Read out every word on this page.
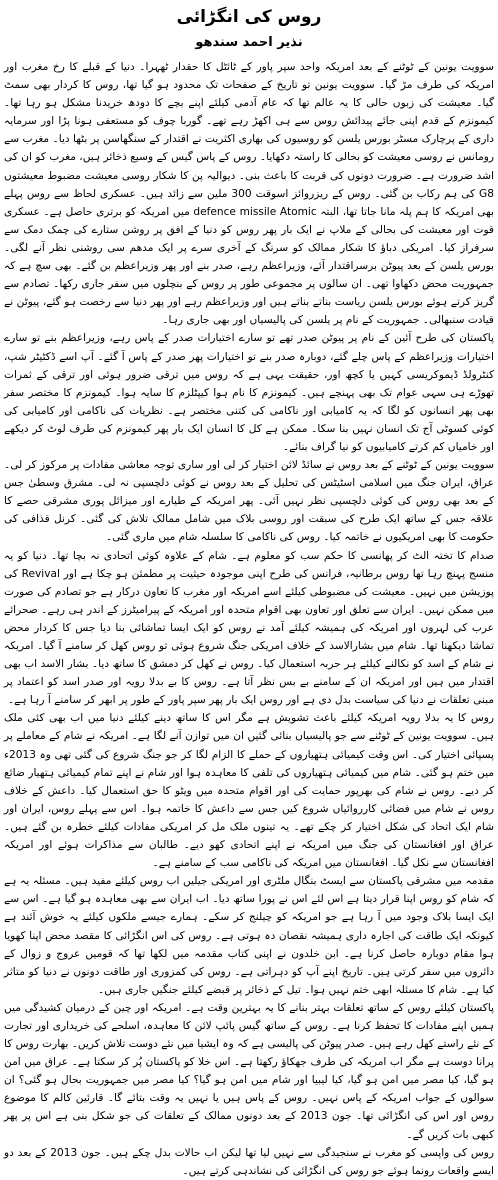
روس کی انگڑائی
نذیر احمد سندھو

سوویت یونین کے ٹوٹنے کے بعد امریکہ واحد سپر پاور کے ٹائٹل کا حقدار ٹھہرا۔ دنیا کے قبلے کا رخ مغرب اور امریکہ کی طرف مڑ گیا۔ سوویت یونین تو تاریخ کے صفحات تک محدود ہو گیا تھا، روس کا کردار بھی سمٹ گیا۔ معیشت کی زبوں حالی کا یہ عالم تھا کہ عام آدمی کیلئے اپنے بچے کا دودھ خریدنا مشکل ہو رہا تھا۔ کیمونزم کے قدم اپنی جائے پیدائش روس سے ہی اکھڑ رہے تھے۔ گوربا چوف کو مستعفی ہونا پڑا اور سرمایہ داری کے پرچارک مسٹر بورس یلسن کو روسیوں کی بھاری اکثریت نے اقتدار کے سنگھاسن پر بٹھا دیا۔ مغرب سے رومانس نے روسی معیشت کو بحالی کا راستہ دکھایا۔ روس کے پاس گیس کے وسیع ذخائر ہیں، مغرب کو ان کی اشد ضرورت ہے۔ ضرورت دونوں کی قربت کا باعث بنی۔ دیوالیہ پن کا شکار روسی معیشت مضبوط معیشتوں G8 کی ہم رکاب بن گئی۔ روس کے ریزروائز اسوقت 300 ملین سے زائد ہیں۔ عسکری لحاظ سے روس پہلے بھی امریکہ کا ہم پلہ مانا جاتا تھا، البتہ defence missile Atomic میں امریکہ کو برتری حاصل ہے۔ عسکری قوت اور معیشت کی بحالی کے ملاپ نے ایک بار پھر روس کو دنیا کے افق پر روشن ستارے کی چمک دمک سے سرفراز کیا۔ امریکی دباؤ کا شکار ممالک کو سرنگ کے آخری سرے پر ایک مدھم سی روشنی نظر آنے لگی۔ بورس یلسن کے بعد پیوٹن برسراقتدار آئے، وزیراعظم رہے، صدر بنے اور پھر وزیراعظم بن گئے۔ بھی سچ ہے کہ جمہوریت محض دکھاوا تھی۔ ان سالوں پر مجموعی طور پر روس کے بنچلوں میں سفر جاری رکھا۔ تصادم سے گریز کرتے ہوئے بورس یلسن ریاست بناتے بناتے ہیں اور وزیراعظم رہے اور پھر دنیا سے رخصت ہو گئے، پیوٹن نے قیادت سنبھالی۔ جمہوریت کے نام پر یلسن کی پالیسیاں اور بھی جاری رہا۔

پاکستان کی طرح آئین کے نام پر پیوٹن صدر تھے تو سارے اختیارات صدر کے پاس رہے، وزیراعظم بنے تو سارے اختیارات وزیراعظم کے پاس چلے گئے، دوبارہ صدر بنے تو اختیارات پھر صدر کے پاس آ گئے۔ آپ اسے ڈکٹیٹر شپ، کنٹرولڈ ڈیموکریسی کہیں یا کچھ اور، حقیقت یہی ہے کہ روس میں ترقی ضرور ہوئی اور ترقی کے ثمرات تھوڑے ہی سہی عوام تک بھی پہنچے ہیں۔ کیمونزم کا نام ہوا کیپٹلزم کا سایہ ہوا۔ کیمونزم کا مختصر سفر بھی پھر انسانوں کو لگا کہ یہ کامیابی اور ناکامی کی کتنی مختصر ہے۔ نظریات کی ناکامی اور کامیابی کی کوئی کسوٹی آج تک انسان نہیں بنا سکا۔ ممکن ہے کل کا انسان ایک بار پھر کیمونزم کی طرف لوٹ کر دیکھے اور خامیاں کم کرتے کامیابیوں کو نیا گراف بنائے۔

سوویت یونین کے ٹوٹنے کے بعد روس نے سائڈ لائن اختیار کر لی اور ساری توجہ معاشی مفادات پر مرکوز کر لی۔ عراق، ایران جنگ میں اسلامی اسٹیٹس کی تحلیل کے بعد روس نے کوئی دلچسپی نہ لی۔ مشرق وسطیٰ جس کے بعد بھی روس کی کوئی دلچسپی نظر نہیں آئی۔ پھر امریکہ کے طیارے اور میزائل پوری مشرقی حصے کا علاقہ جس کے ساتھ ایک طرح کی سبقت اور روسی بلاک میں شامل ممالک تلاش کی گئی۔ کرنل قذافی کی حکومت کا بھی امریکیوں نے خاتمہ کیا۔ روس کی ناکامی کا سلسلہ شام میں ماری گئی۔

صدام کا تختہ الٹ کر پھانسی کا حکم سب کو معلوم ہے۔ شام کے علاوہ کوئی اتحادی نہ بچا تھا۔ دنیا کو یہ منسج پہنچ رہا تھا روس برطانیہ، فرانس کی طرح اپنی موجودہ حیثیت پر مطمئن ہو چکا ہے اور Revival کی پوزیشن میں نہیں۔ معیشت کی مضبوطی کیلئے اسے امریکہ اور مغرب کا تعاون درکار ہے جو تصادم کی صورت میں ممکن نہیں۔ ایران سے تعلق اور تعاون بھی اقوام متحدہ اور امریکہ کے پیرامیٹرز کے اندر ہی رہے۔ صحرائے عرب کی لہروں اور امریکہ کی ہمیشہ کیلئے آمد نے روس کو ایک ایسا تماشائی بنا دیا جس کا کردار محض تماشا دیکھنا تھا۔ شام میں بشارالاسد کے خلاف امریکی جنگ شروع ہوئی تو روس کھل کر سامنے آ گیا۔ امریکہ نے شام کے اسد کو نکالنے کیلئے ہر حربہ استعمال کیا۔ روس نے کھل کر دمشق کا ساتھ دیا۔ بشار الاسد اب بھی اقتدار میں ہیں اور امریکہ ان کے سامنے بے بس نظر آتا ہے۔ روس کا بے بدلا رویہ اور صدر اسد کو اعتماد پر مبنی تعلقات نے دنیا کی سیاست بدل دی ہے اور روس ایک بار پھر سپر پاور کے طور پر ابھر کر سامنے آ رہا ہے۔

روس کا یہ بدلا رویہ امریکہ کیلئے باعث تشویش ہے مگر اس کا ساتھ دینے کیلئے دنیا میں اب بھی کئی ملک ہیں۔ سوویت یونین کے ٹوٹنے سے جو پالیسیاں بنائی گئیں ان میں توازن آنے لگا ہے۔ امریکہ نے شام کے معاملے پر پسپائی اختیار کی۔ اس وقت کیمیائی ہتھیاروں کے حملے کا الزام لگا کر جو جنگ شروع کی گئی تھی وہ 2013ء میں ختم ہو گئی۔ شام میں کیمیائی ہتھیاروں کی تلفی کا معاہدہ ہوا اور شام نے اپنے تمام کیمیائی ہتھیار ضائع کر دیے۔ روس نے شام کی بھرپور حمایت کی اور اقوام متحدہ میں ویٹو کا حق استعمال کیا۔ داعش کے خلاف روس نے شام میں فضائی کارروائیاں شروع کیں جس سے داعش کا خاتمہ ہوا۔ اس سے پہلے روس، ایران اور شام ایک اتحاد کی شکل اختیار کر چکے تھے۔ یہ تینوں ملک مل کر امریکی مفادات کیلئے خطرہ بن گئے ہیں۔ عراق اور افغانستان کی جنگ میں امریکہ نے اپنے اتحادی کھو دیے۔ طالبان سے مذاکرات ہوئے اور امریکہ افغانستان سے نکل گیا۔ افغانستان میں امریکہ کی ناکامی سب کے سامنے ہے۔

مقدمہ میں مشرقی پاکستان سے ایسٹ بنگال ملٹری اور امریکی جیلیں اب روس کیلئے مفید ہیں۔ مسئلہ یہ ہے کہ شام کو روس اپنا قرار دیتا ہے اس لئے اس نے پورا ساتھ دیا۔ اب ایران سے بھی معاہدہ ہو گیا ہے۔ اس سے ایک ایسا بلاک وجود میں آ رہا ہے جو امریکہ کو چیلنج کر سکے۔ ہمارے جیسے ملکوں کیلئے یہ خوش آئند ہے کیونکہ ایک طاقت کی اجارہ داری ہمیشہ نقصان دہ ہوتی ہے۔ روس کی اس انگڑائی کا مقصد محض اپنا کھویا ہوا مقام دوبارہ حاصل کرنا ہے۔ ابن خلدون نے اپنی کتاب مقدمہ میں لکھا تھا کہ قومیں عروج و زوال کے دائروں میں سفر کرتی ہیں۔ تاریخ اپنے آپ کو دہراتی ہے۔ روس کی کمزوری اور طاقت دونوں نے دنیا کو متاثر کیا ہے۔ شام کا مسئلہ ابھی ختم نہیں ہوا۔ تیل کے ذخائر پر قبضے کیلئے جنگیں جاری ہیں۔

پاکستان کیلئے روس کے ساتھ تعلقات بہتر بنانے کا یہ بہترین وقت ہے۔ امریکہ اور چین کے درمیان کشیدگی میں ہمیں اپنے مفادات کا تحفظ کرنا ہے۔ روس کے ساتھ گیس پائپ لائن کا معاہدہ، اسلحے کی خریداری اور تجارت کے نئے راستے کھل رہے ہیں۔ صدر پیوٹن کی پالیسی ہے کہ وہ ایشیا میں نئے دوست تلاش کریں۔ بھارت روس کا پرانا دوست ہے مگر اب امریکہ کی طرف جھکاؤ رکھتا ہے۔ اس خلا کو پاکستان پُر کر سکتا ہے۔ عراق میں امن ہو گیا، کیا مصر میں امن ہو گیا، کیا لیبیا اور شام میں امن ہو گیا؟ کیا مصر میں جمہوریت بحال ہو گئی؟ ان سوالوں کے جواب امریکہ کے پاس نہیں۔ روس کے پاس ہیں یا نہیں یہ وقت بتائے گا۔ قارئین کالم کا موضوع روس اور اس کی انگڑائی تھا۔ جون 2013 کے بعد دونوں ممالک کے تعلقات کی جو شکل بنی ہے اس پر پھر کبھی بات کریں گے۔

روس کی واپسی کو مغرب نے سنجیدگی سے نہیں لیا تھا لیکن اب حالات بدل چکے ہیں۔ جون 2013 کے بعد دو ایسے واقعات رونما ہوئے جو روس کی انگڑائی کی نشاندہی کرتے ہیں۔
